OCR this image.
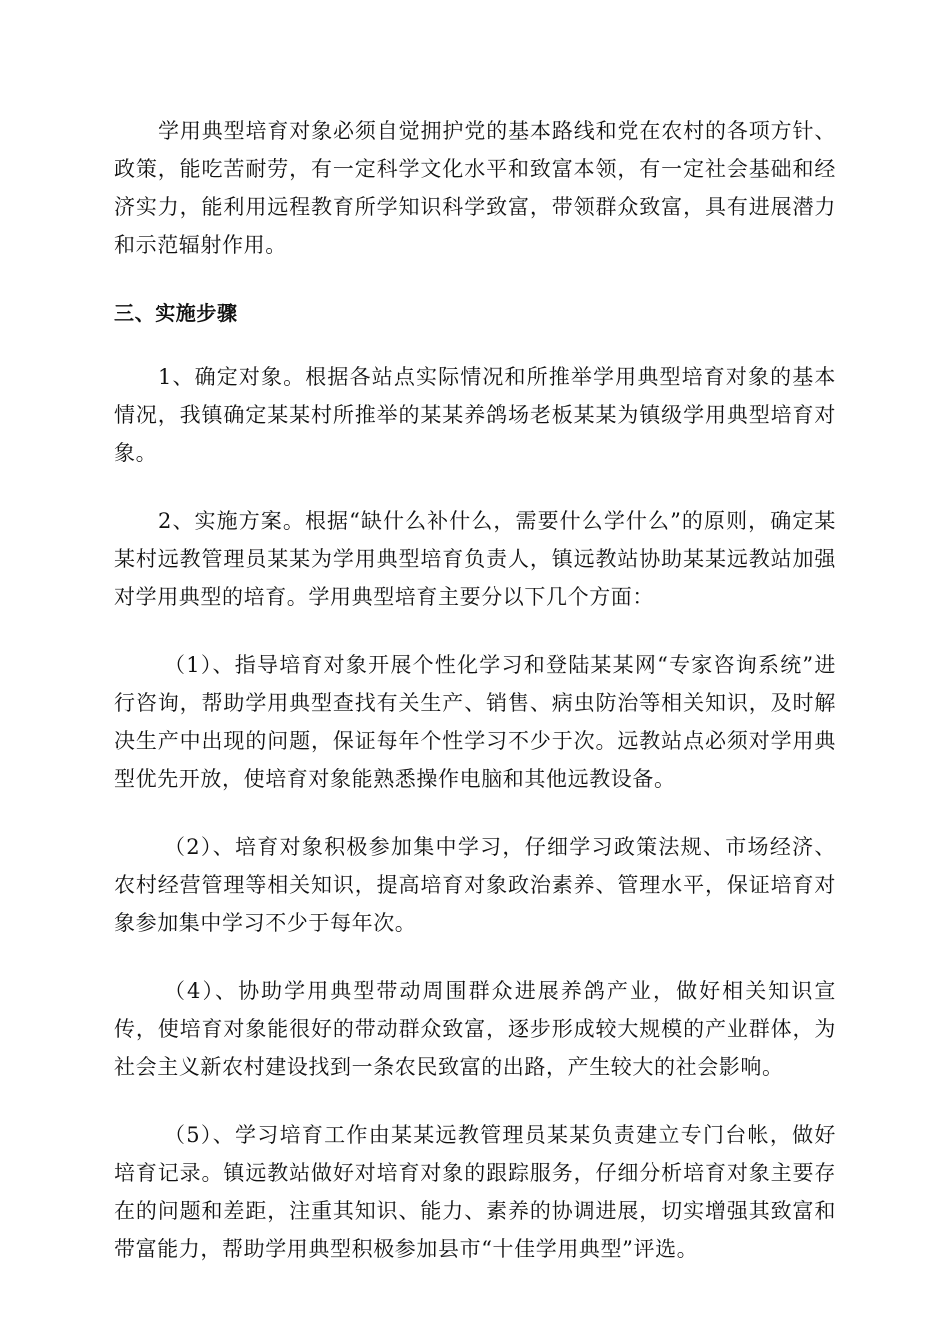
学用典型培育对象必须自觉拥护党的基本路线和党在农村的各项方针、政策，能吃苦耐劳，有一定科学文化水平和致富本领，有一定社会基础和经济实力，能利用远程教育所学知识科学致富，带领群众致富，具有进展潜力和示范辐射作用。

三、实施步骤

1、确定对象。根据各站点实际情况和所推举学用典型培育对象的基本情况，我镇确定某某村所推举的某某养鸽场老板某某为镇级学用典型培育对象。

2、实施方案。根据“缺什么补什么，需要什么学什么”的原则，确定某某村远教管理员某某为学用典型培育负责人，镇远教站协助某某远教站加强对学用典型的培育。学用典型培育主要分以下几个方面：

（1）、指导培育对象开展个性化学习和登陆某某网“专家咨询系统”进行咨询，帮助学用典型查找有关生产、销售、病虫防治等相关知识，及时解决生产中出现的问题，保证每年个性学习不少于次。远教站点必须对学用典型优先开放，使培育对象能熟悉操作电脑和其他远教设备。

（2）、培育对象积极参加集中学习，仔细学习政策法规、市场经济、农村经营管理等相关知识，提高培育对象政治素养、管理水平，保证培育对象参加集中学习不少于每年次。

（4）、协助学用典型带动周围群众进展养鸽产业，做好相关知识宣传，使培育对象能很好的带动群众致富，逐步形成较大规模的产业群体，为社会主义新农村建设找到一条农民致富的出路，产生较大的社会影响。

（5）、学习培育工作由某某远教管理员某某负责建立专门台帐，做好培育记录。镇远教站做好对培育对象的跟踪服务，仔细分析培育对象主要存在的问题和差距，注重其知识、能力、素养的协调进展，切实增强其致富和带富能力，帮助学用典型积极参加县市“十佳学用典型”评选。
